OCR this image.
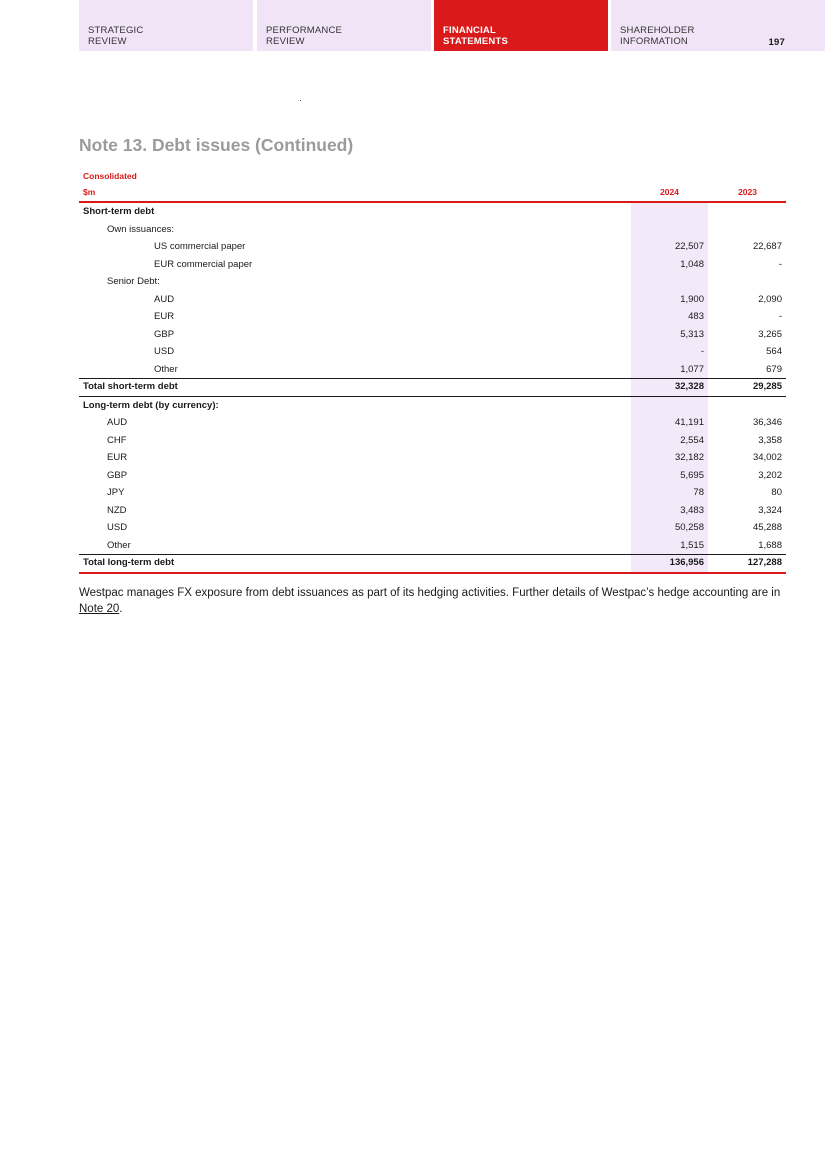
STRATEGIC
REVIEW
PERFORMANCE
REVIEW
FINANCIAL
STATEMENTS
SHAREHOLDER
INFORMATION	197
Note 13. Debt issues (Continued)
Consolidated
$m	2024	2023
Short-term debt
Own issuances:
US commercial paper	22,507	22,687
EUR commercial paper	1,048	-
Senior Debt:
AUD	1,900	2,090
EUR	483	-
GBP	5,313	3,265
USD	-	564
Other	1,077	679
Total short-term debt	32,328	29,285
Long-term debt (by currency):
AUD	41,191	36,346
CHF	2,554	3,358
EUR	32,182	34,002
GBP	5,695	3,202
JPY	78	80
NZD	3,483	3,324
USD	50,258	45,288
Other	1,515	1,688
Total long-term debt	136,956	127,288

Westpac manages FX exposure from debt issuances as part of its hedging activities. Further details of Westpac’s hedge accounting are in Note 20.
